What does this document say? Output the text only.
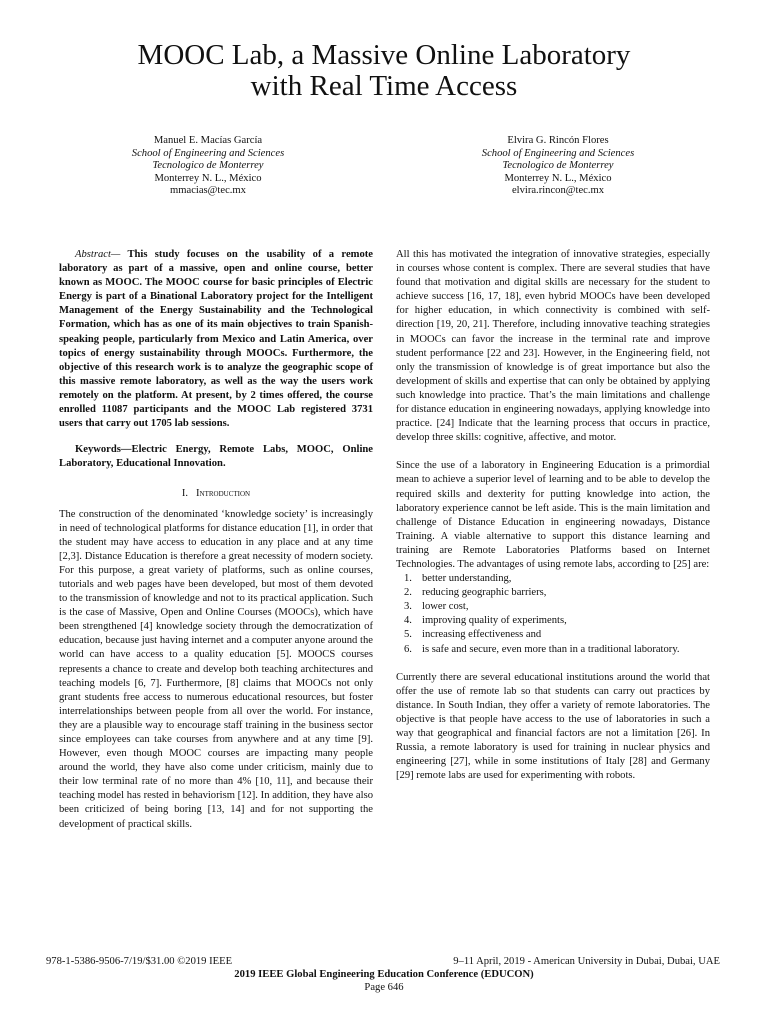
MOOC Lab, a Massive Online Laboratory
with Real Time Access
Manuel E. Macías García
School of Engineering and Sciences
Tecnologico de Monterrey
Monterrey N. L., México
mmacias@tec.mx
Elvira G. Rincón Flores
School of Engineering and Sciences
Tecnologico de Monterrey
Monterrey N. L., México
elvira.rincon@tec.mx

Abstract— This study focuses on the usability of a remote laboratory as part of a massive, open and online course, better known as MOOC. The MOOC course for basic principles of Electric Energy is part of a Binational Laboratory project for the Intelligent Management of the Energy Sustainability and the Technological Formation, which has as one of its main objectives to train Spanish-speaking people, particularly from Mexico and Latin America, over topics of energy sustainability through MOOCs. Furthermore, the objective of this research work is to analyze the geographic scope of this massive remote laboratory, as well as the way the users work remotely on the platform. At present, by 2 times offered, the course enrolled 11087 participants and the MOOC Lab registered 3731 users that carry out 1705 lab sessions.

Keywords—Electric Energy, Remote Labs, MOOC, Online Laboratory, Educational Innovation.

I. Introduction

The construction of the denominated ‘knowledge society’ is increasingly in need of technological platforms for distance education [1], in order that the student may have access to education in any place and at any time [2,3]. Distance Education is therefore a great necessity of modern society. For this purpose, a great variety of platforms, such as online courses, tutorials and web pages have been developed, but most of them devoted to the transmission of knowledge and not to its practical application. Such is the case of Massive, Open and Online Courses (MOOCs), which have been strengthened [4] knowledge society through the democratization of education, because just having internet and a computer anyone around the world can have access to a quality education [5]. MOOCS courses represents a chance to create and develop both teaching architectures and teaching models [6, 7]. Furthermore, [8] claims that MOOCs not only grant students free access to numerous educational resources, but foster interrelationships between people from all over the world. For instance, they are a plausible way to encourage staff training in the business sector since employees can take courses from anywhere and at any time [9]. However, even though MOOC courses are impacting many people around the world, they have also come under criticism, mainly due to their low terminal rate of no more than 4% [10, 11], and because their teaching model has rested in behaviorism [12]. In addition, they have also been criticized of being boring [13, 14] and for not supporting the development of practical skills.

All this has motivated the integration of innovative strategies, especially in courses whose content is complex. There are several studies that have found that motivation and digital skills are necessary for the student to achieve success [16, 17, 18], even hybrid MOOCs have been developed for higher education, in which connectivity is combined with self-direction [19, 20, 21]. Therefore, including innovative teaching strategies in MOOCs can favor the increase in the terminal rate and improve student performance [22 and 23]. However, in the Engineering field, not only the transmission of knowledge is of great importance but also the development of skills and expertise that can only be obtained by applying such knowledge into practice. That’s the main limitations and challenge for distance education in engineering nowadays, applying knowledge into practice. [24] Indicate that the learning process that occurs in practice, develop three skills: cognitive, affective, and motor.

Since the use of a laboratory in Engineering Education is a primordial mean to achieve a superior level of learning and to be able to develop the required skills and dexterity for putting knowledge into action, the laboratory experience cannot be left aside. This is the main limitation and challenge of Distance Education in engineering nowadays, Distance Training. A viable alternative to support this distance learning and training are Remote Laboratories Platforms based on Internet Technologies. The advantages of using remote labs, according to [25] are:

1. better understanding,
2. reducing geographic barriers,
3. lower cost,
4. improving quality of experiments,
5. increasing effectiveness and
6. is safe and secure, even more than in a traditional laboratory.

Currently there are several educational institutions around the world that offer the use of remote lab so that students can carry out practices by distance. In South Indian, they offer a variety of remote laboratories. The objective is that people have access to the use of laboratories in such a way that geographical and financial factors are not a limitation [26]. In Russia, a remote laboratory is used for training in nuclear physics and engineering [27], while in some institutions of Italy [28] and Germany [29] remote labs are used for experimenting with robots.

978-1-5386-9506-7/19/$31.00 ©2019 IEEE	9–11 April, 2019 - American University in Dubai, Dubai, UAE
2019 IEEE Global Engineering Education Conference (EDUCON)
Page 646
